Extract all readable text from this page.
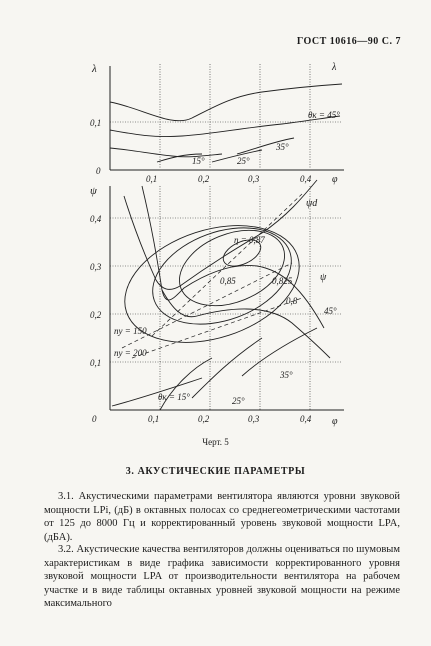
ГОСТ 10616—90 С. 7
λ	λ
0,1
0
0,1	0,2	0,3	0,4 φ
15°	25°
35°
θк = 45°
ψ
0,4
0,3
0,2
0,1
0	0,1	0,2	0,3	0,4 φ
ψd
ψ
η = 0,87
0,85	0,825
0,8
ny = 150
ny = 200
θк = 15°	25°
35°
45°
Черт. 5
3. АКУСТИЧЕСКИЕ ПАРАМЕТРЫ

3.1. Акустическими параметрами вентилятора являются уровни звуковой мощности LPi, (дБ) в октавных полосах со среднегеометрическими частотами от 125 до 8000 Гц и корректированный уровень звуковой мощности LPA, (дБА).

3.2. Акустические качества вентиляторов должны оцениваться по шумовым характеристикам в виде графика зависимости корректированного уровня звуковой мощности LPA от производительности вентилятора на рабочем участке и в виде таблицы октавных уровней звуковой мощности на режиме максимального
